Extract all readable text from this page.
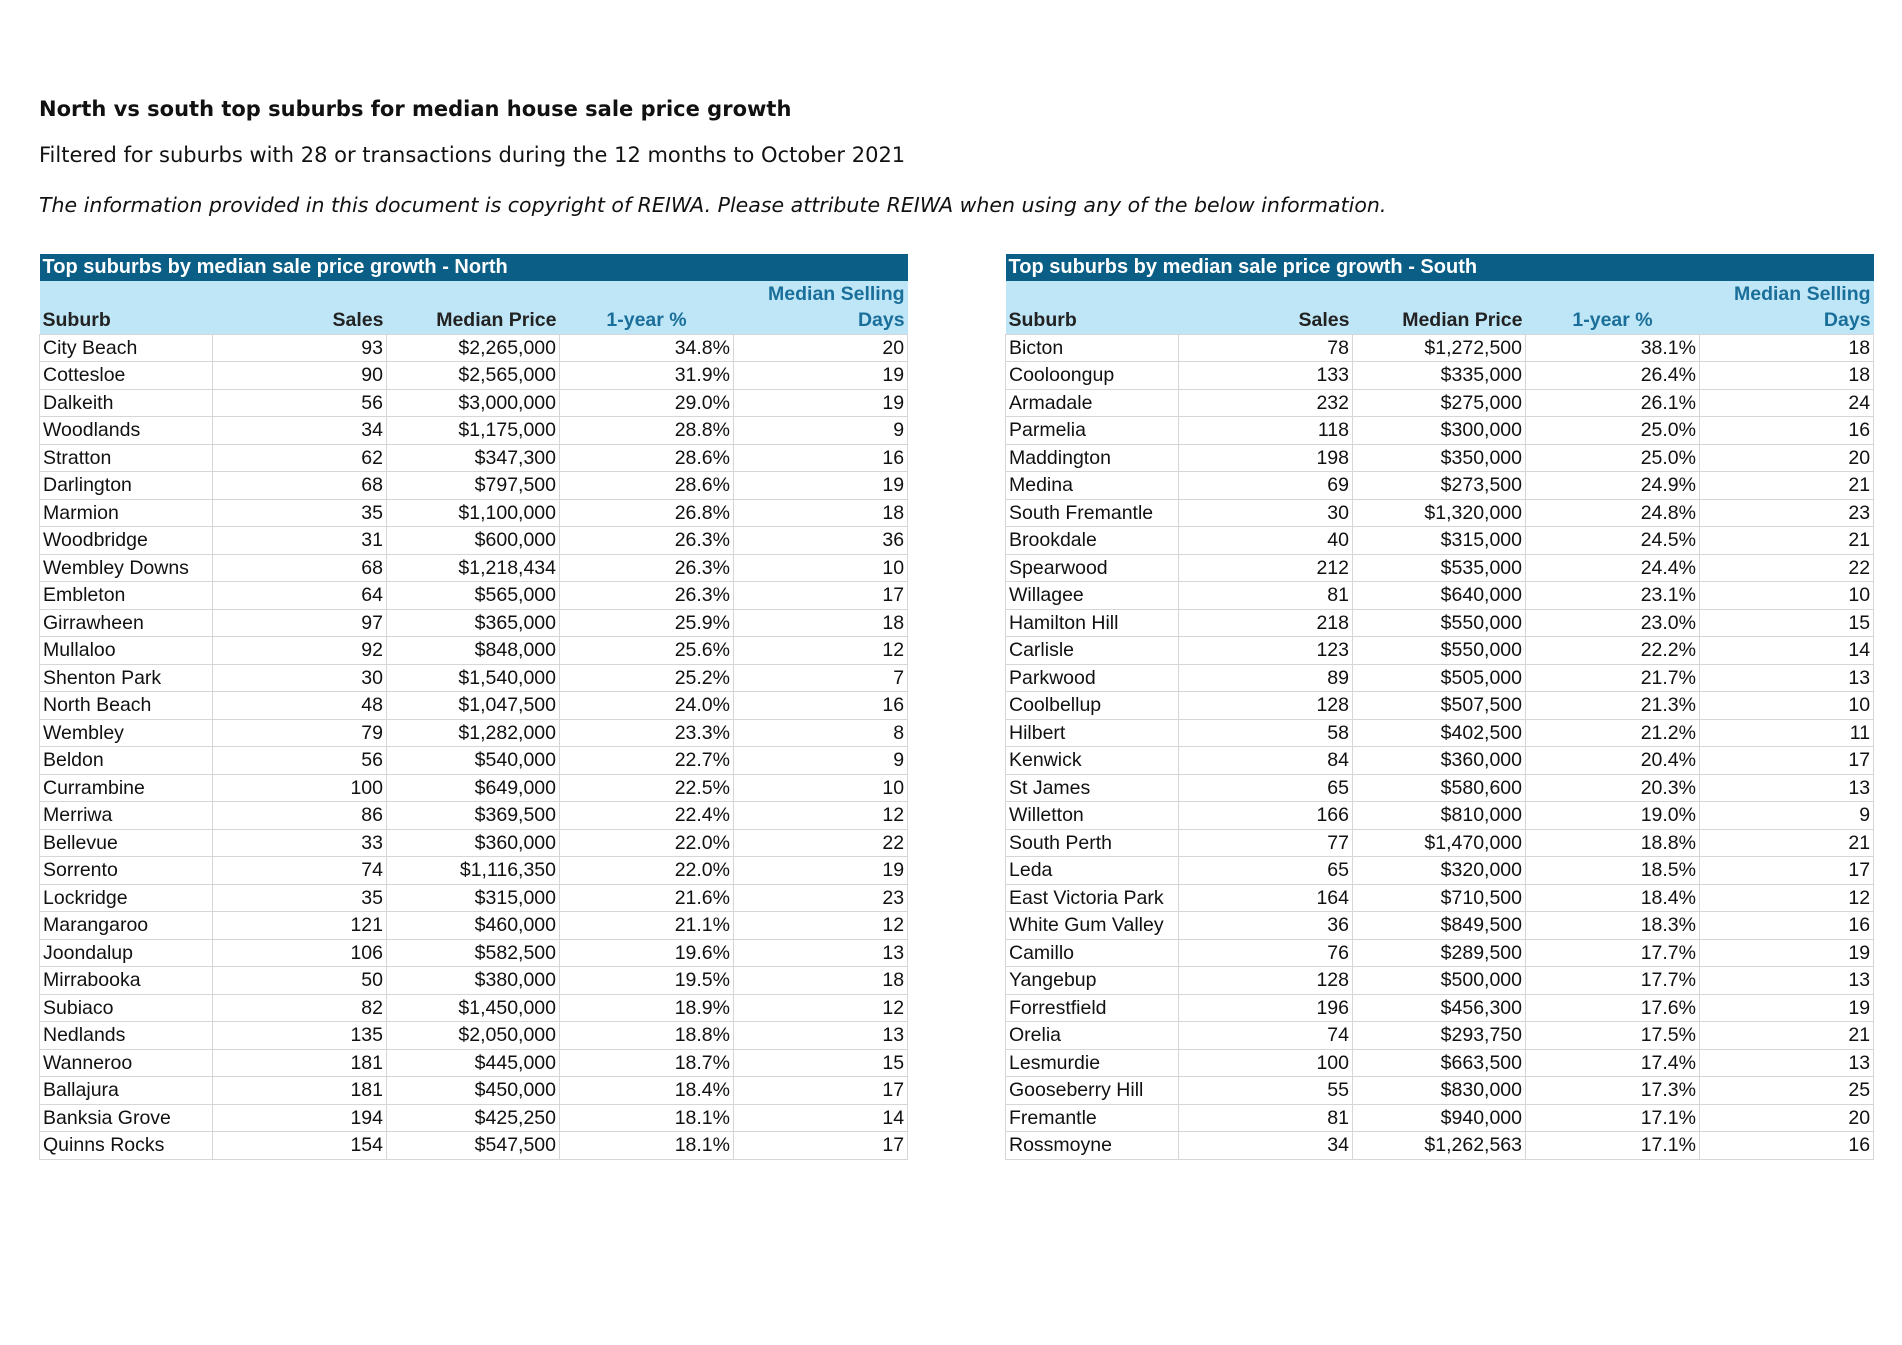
North vs south top suburbs for median house sale price growth

Filtered for suburbs with 28 or transactions during the 12 months to October 2021

The information provided in this document is copyright of REIWA. Please attribute REIWA when using any of the below information.

Top suburbs by median sale price growth - North				
				Median Selling
Suburb	Sales	Median Price	1-year %	Days
City Beach	93	$2,265,000	34.8%	20
Cottesloe	90	$2,565,000	31.9%	19
Dalkeith	56	$3,000,000	29.0%	19
Woodlands	34	$1,175,000	28.8%	9
Stratton	62	$347,300	28.6%	16
Darlington	68	$797,500	28.6%	19
Marmion	35	$1,100,000	26.8%	18
Woodbridge	31	$600,000	26.3%	36
Wembley Downs	68	$1,218,434	26.3%	10
Embleton	64	$565,000	26.3%	17
Girrawheen	97	$365,000	25.9%	18
Mullaloo	92	$848,000	25.6%	12
Shenton Park	30	$1,540,000	25.2%	7
North Beach	48	$1,047,500	24.0%	16
Wembley	79	$1,282,000	23.3%	8
Beldon	56	$540,000	22.7%	9
Currambine	100	$649,000	22.5%	10
Merriwa	86	$369,500	22.4%	12
Bellevue	33	$360,000	22.0%	22
Sorrento	74	$1,116,350	22.0%	19
Lockridge	35	$315,000	21.6%	23
Marangaroo	121	$460,000	21.1%	12
Joondalup	106	$582,500	19.6%	13
Mirrabooka	50	$380,000	19.5%	18
Subiaco	82	$1,450,000	18.9%	12
Nedlands	135	$2,050,000	18.8%	13
Wanneroo	181	$445,000	18.7%	15
Ballajura	181	$450,000	18.4%	17
Banksia Grove	194	$425,250	18.1%	14
Quinns Rocks	154	$547,500	18.1%	17
Top suburbs by median sale price growth - South				
				Median Selling
Suburb	Sales	Median Price	1-year %	Days
Bicton	78	$1,272,500	38.1%	18
Cooloongup	133	$335,000	26.4%	18
Armadale	232	$275,000	26.1%	24
Parmelia	118	$300,000	25.0%	16
Maddington	198	$350,000	25.0%	20
Medina	69	$273,500	24.9%	21
South Fremantle	30	$1,320,000	24.8%	23
Brookdale	40	$315,000	24.5%	21
Spearwood	212	$535,000	24.4%	22
Willagee	81	$640,000	23.1%	10
Hamilton Hill	218	$550,000	23.0%	15
Carlisle	123	$550,000	22.2%	14
Parkwood	89	$505,000	21.7%	13
Coolbellup	128	$507,500	21.3%	10
Hilbert	58	$402,500	21.2%	11
Kenwick	84	$360,000	20.4%	17
St James	65	$580,600	20.3%	13
Willetton	166	$810,000	19.0%	9
South Perth	77	$1,470,000	18.8%	21
Leda	65	$320,000	18.5%	17
East Victoria Park	164	$710,500	18.4%	12
White Gum Valley	36	$849,500	18.3%	16
Camillo	76	$289,500	17.7%	19
Yangebup	128	$500,000	17.7%	13
Forrestfield	196	$456,300	17.6%	19
Orelia	74	$293,750	17.5%	21
Lesmurdie	100	$663,500	17.4%	13
Gooseberry Hill	55	$830,000	17.3%	25
Fremantle	81	$940,000	17.1%	20
Rossmoyne	34	$1,262,563	17.1%	16
